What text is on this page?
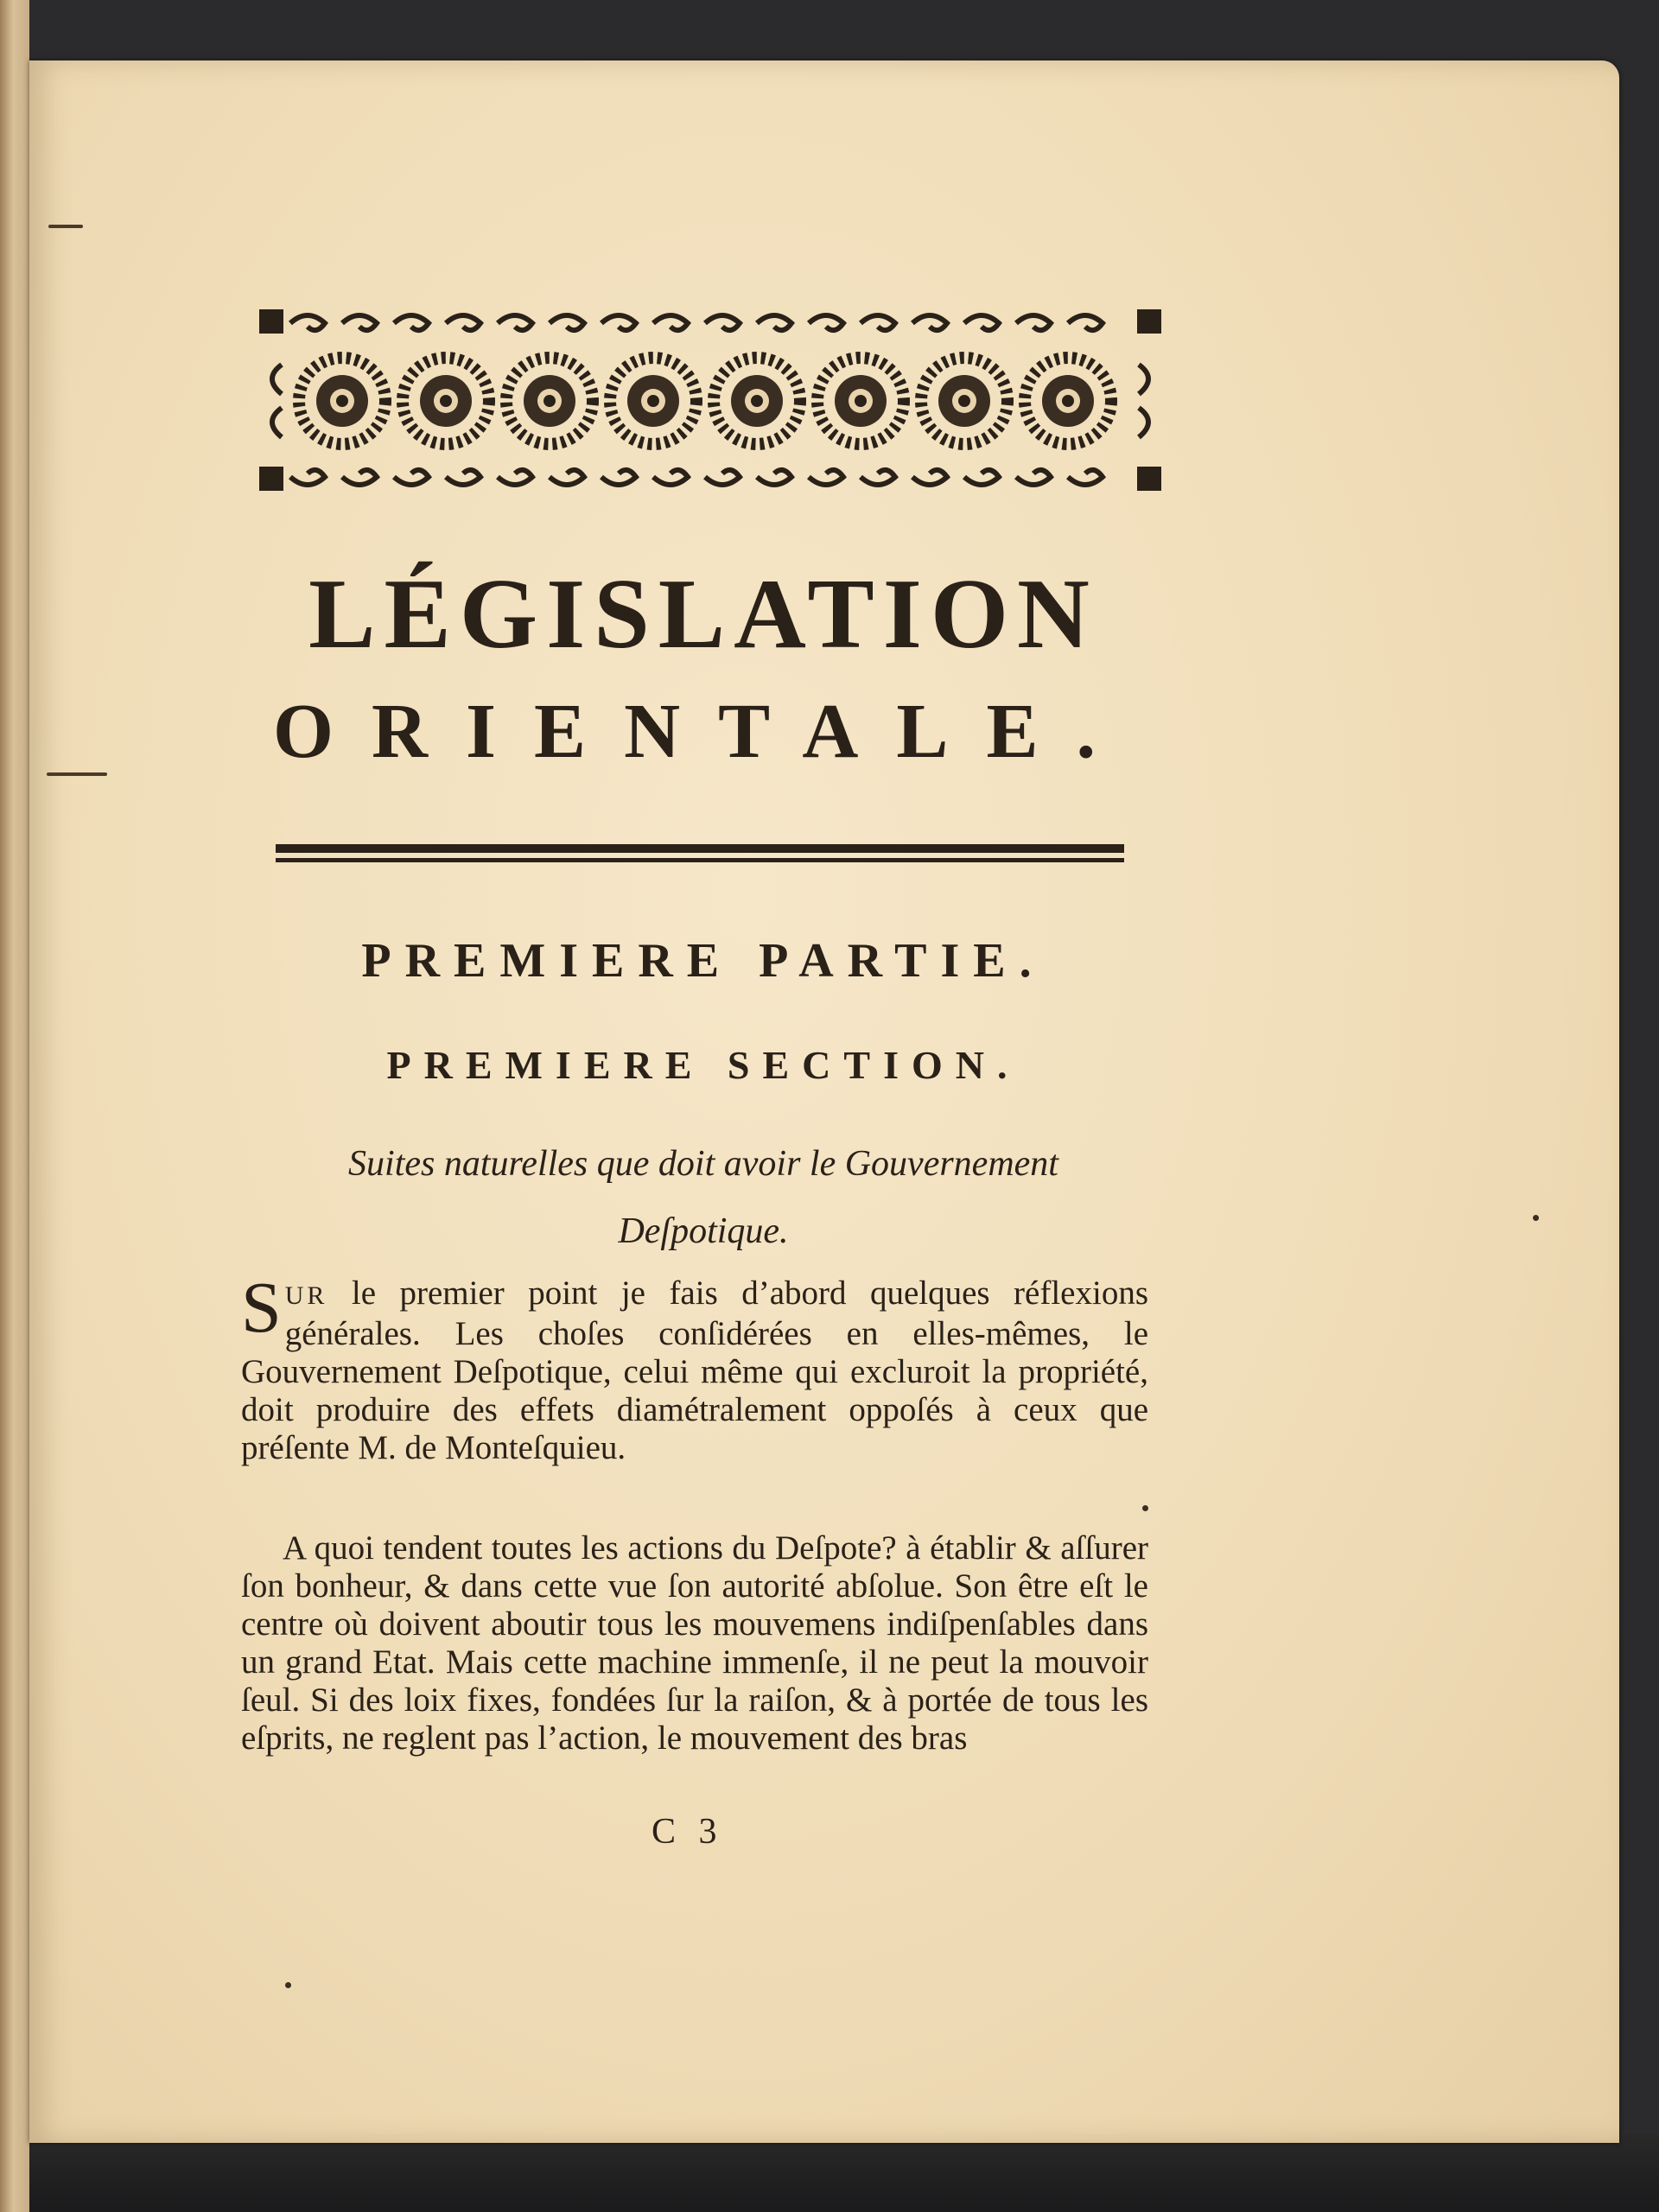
LÉGISLATION
ORIENTALE.
PREMIERE PARTIE.
PREMIERE SECTION.
Suites naturelles que doit avoir le Gouvernement Deſpotique.
SUR le premier point je fais d’abord quelques réflexions générales. Les choſes conſidérées en elles-mêmes, le Gouvernement Deſpotique, celui même qui excluroit la propriété, doit produire des effets diamétralement oppoſés à ceux que préſente M. de Monteſquieu.
A quoi tendent toutes les actions du Deſpote? à établir & aſſurer ſon bonheur, & dans cette vue ſon autorité abſolue. Son être eſt le centre où doivent aboutir tous les mouvemens indiſpenſables dans un grand Etat. Mais cette machine immenſe, il ne peut la mouvoir ſeul. Si des loix fixes, fondées ſur la raiſon, & à portée de tous les eſprits, ne reglent pas l’action, le mouvement des bras
C 3
